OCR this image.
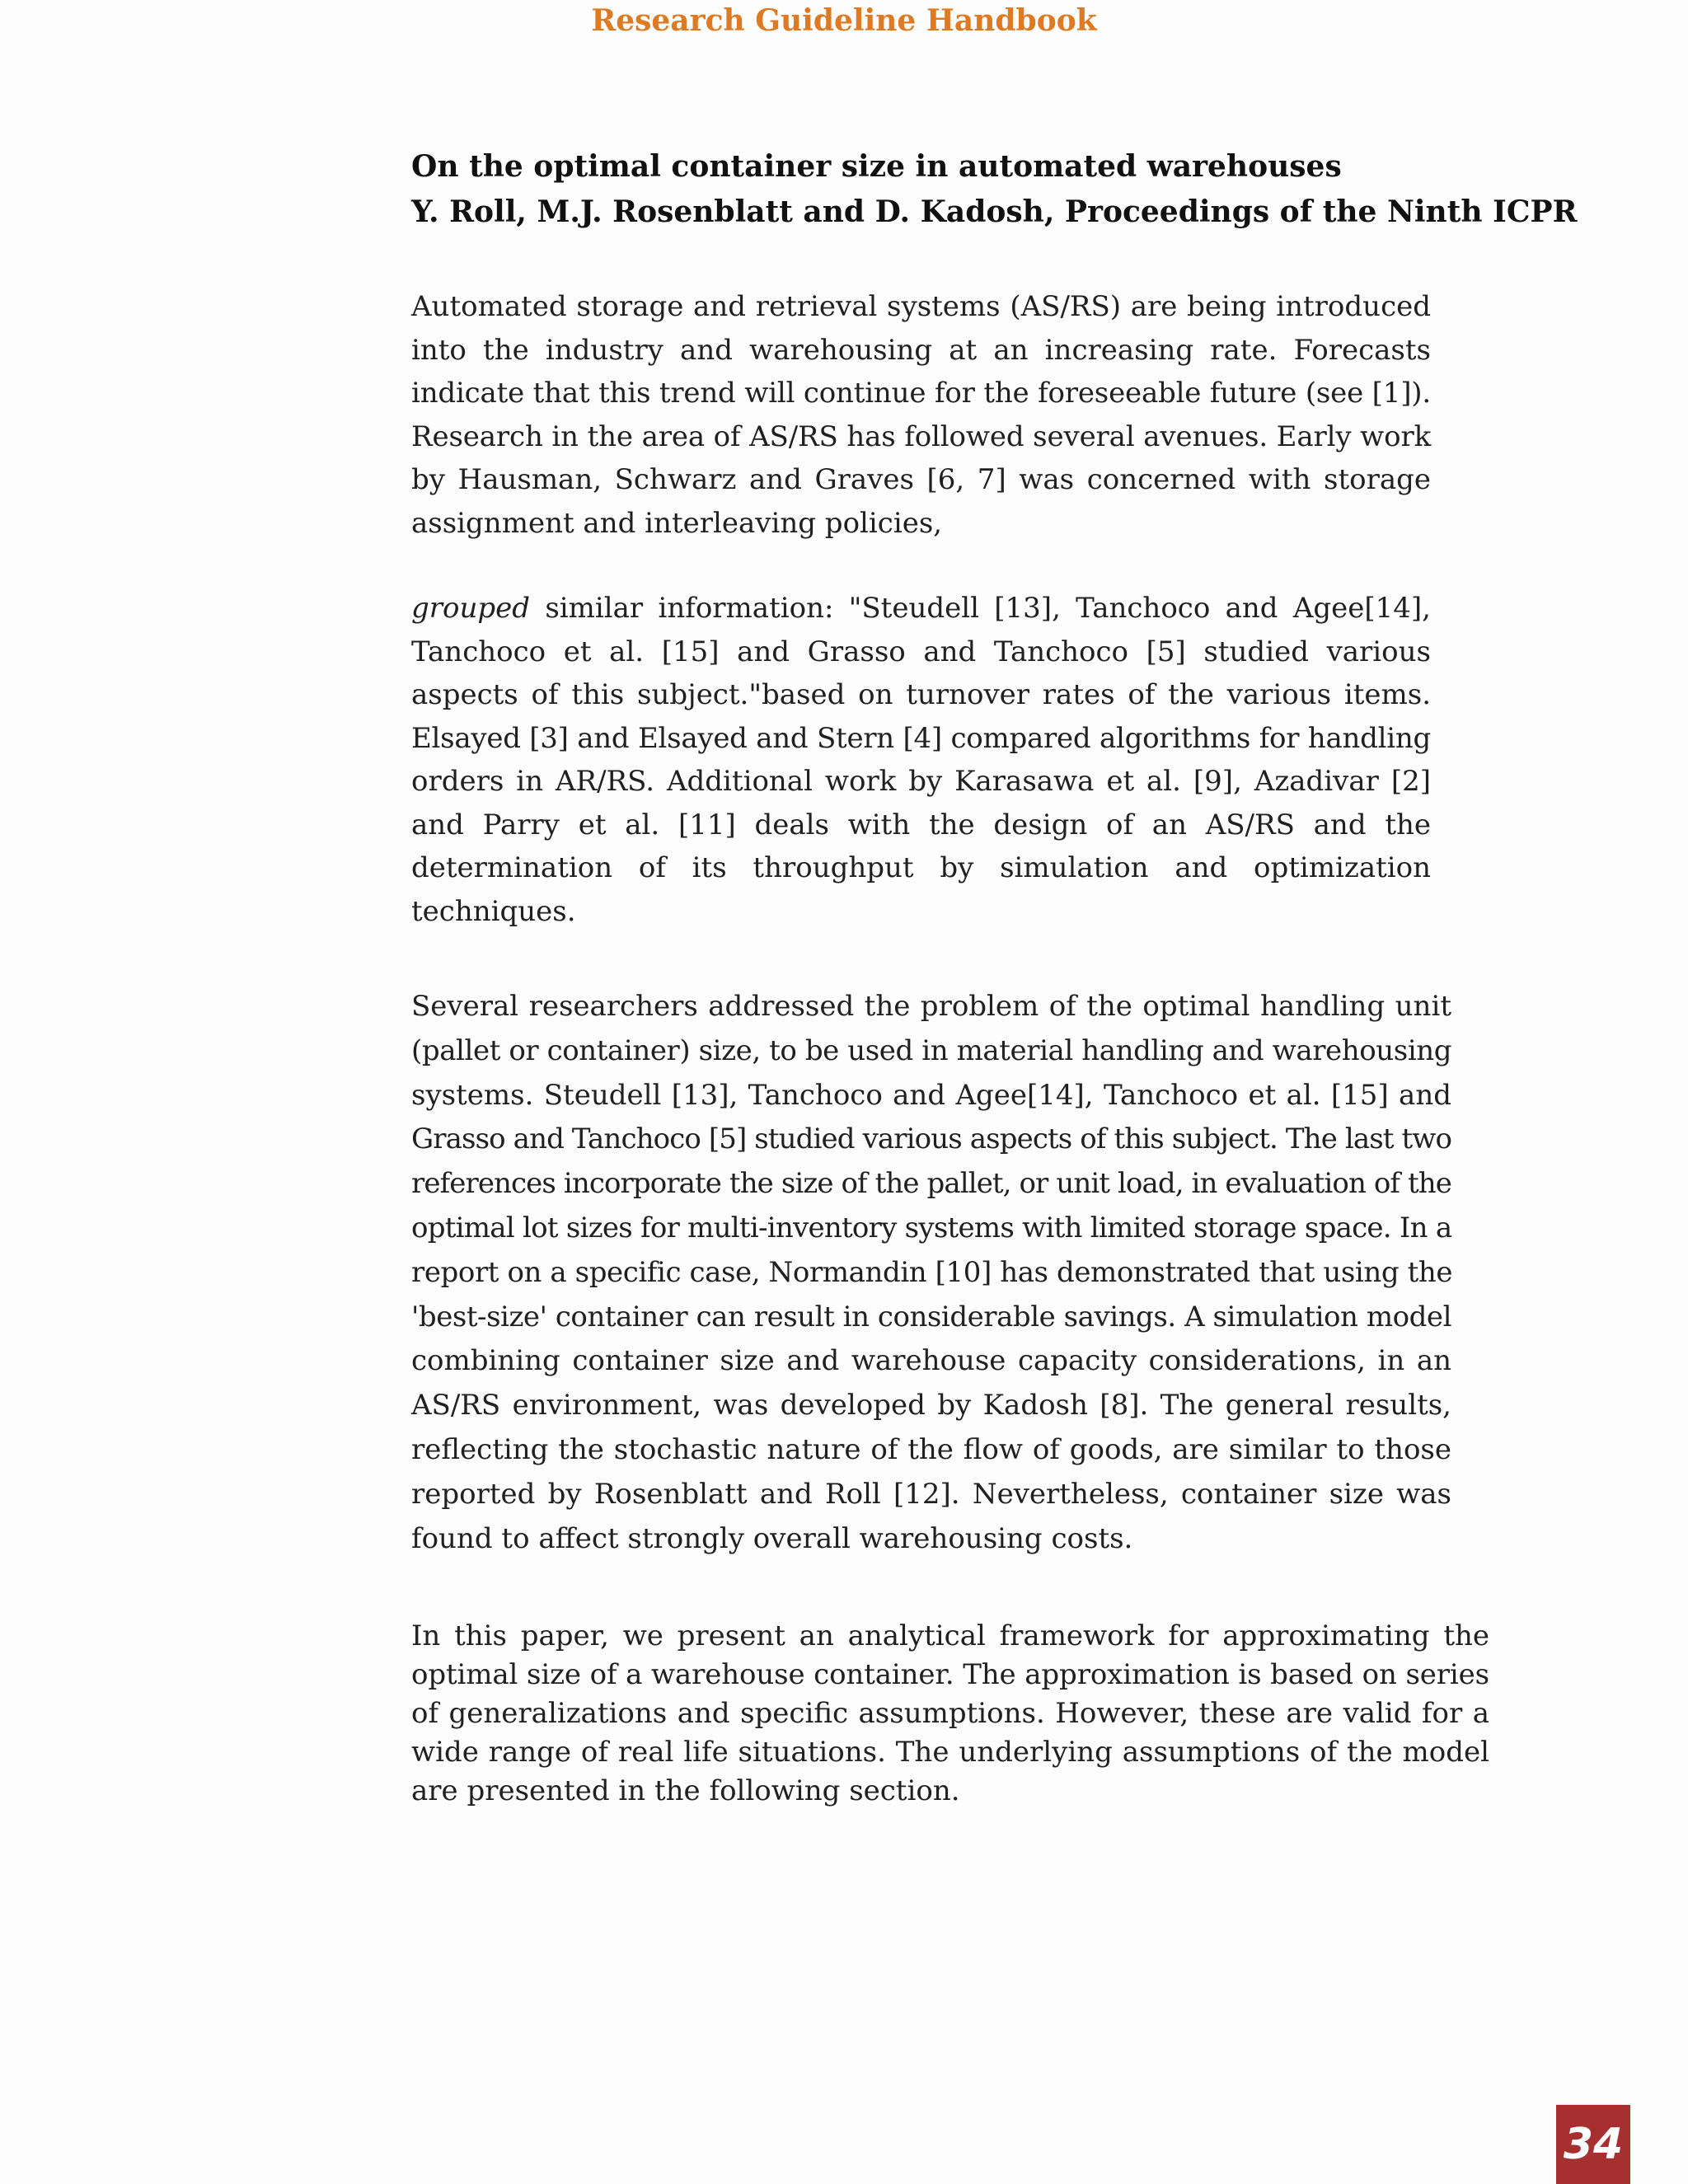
Research Guideline Handbook
On the optimal container size in automated warehouses
Y. Roll, M.J. Rosenblatt and D. Kadosh, Proceedings of the Ninth ICPR
Automated storage and retrieval systems (AS/RS) are being introduced
into the industry and warehousing at an increasing rate. Forecasts
indicate that this trend will continue for the foreseeable future (see [1]).
Research in the area of AS/RS has followed several avenues. Early work
by Hausman, Schwarz and Graves [6, 7] was concerned with storage
assignment and interleaving policies,
grouped similar information: "Steudell [13], Tanchoco and Agee[14],
Tanchoco et al. [15] and Grasso and Tanchoco [5] studied various
aspects of this subject."based on turnover rates of the various items.
Elsayed [3] and Elsayed and Stern [4] compared algorithms for handling
orders in AR/RS. Additional work by Karasawa et al. [9], Azadivar [2]
and Parry et al. [11] deals with the design of an AS/RS and the
determination of its throughput by simulation and optimization
techniques.
Several researchers addressed the problem of the optimal handling unit
(pallet or container) size, to be used in material handling and warehousing
systems. Steudell [13], Tanchoco and Agee[14], Tanchoco et al. [15] and
Grasso and Tanchoco [5] studied various aspects of this subject. The last two
references incorporate the size of the pallet, or unit load, in evaluation of the
optimal lot sizes for multi-inventory systems with limited storage space. In a
report on a specific case, Normandin [10] has demonstrated that using the
'best-size' container can result in considerable savings. A simulation model
combining container size and warehouse capacity considerations, in an
AS/RS environment, was developed by Kadosh [8]. The general results,
reflecting the stochastic nature of the flow of goods, are similar to those
reported by Rosenblatt and Roll [12]. Nevertheless, container size was
found to affect strongly overall warehousing costs.
In this paper, we present an analytical framework for approximating the
optimal size of a warehouse container. The approximation is based on series
of generalizations and specific assumptions. However, these are valid for a
wide range of real life situations. The underlying assumptions of the model
are presented in the following section.
34
